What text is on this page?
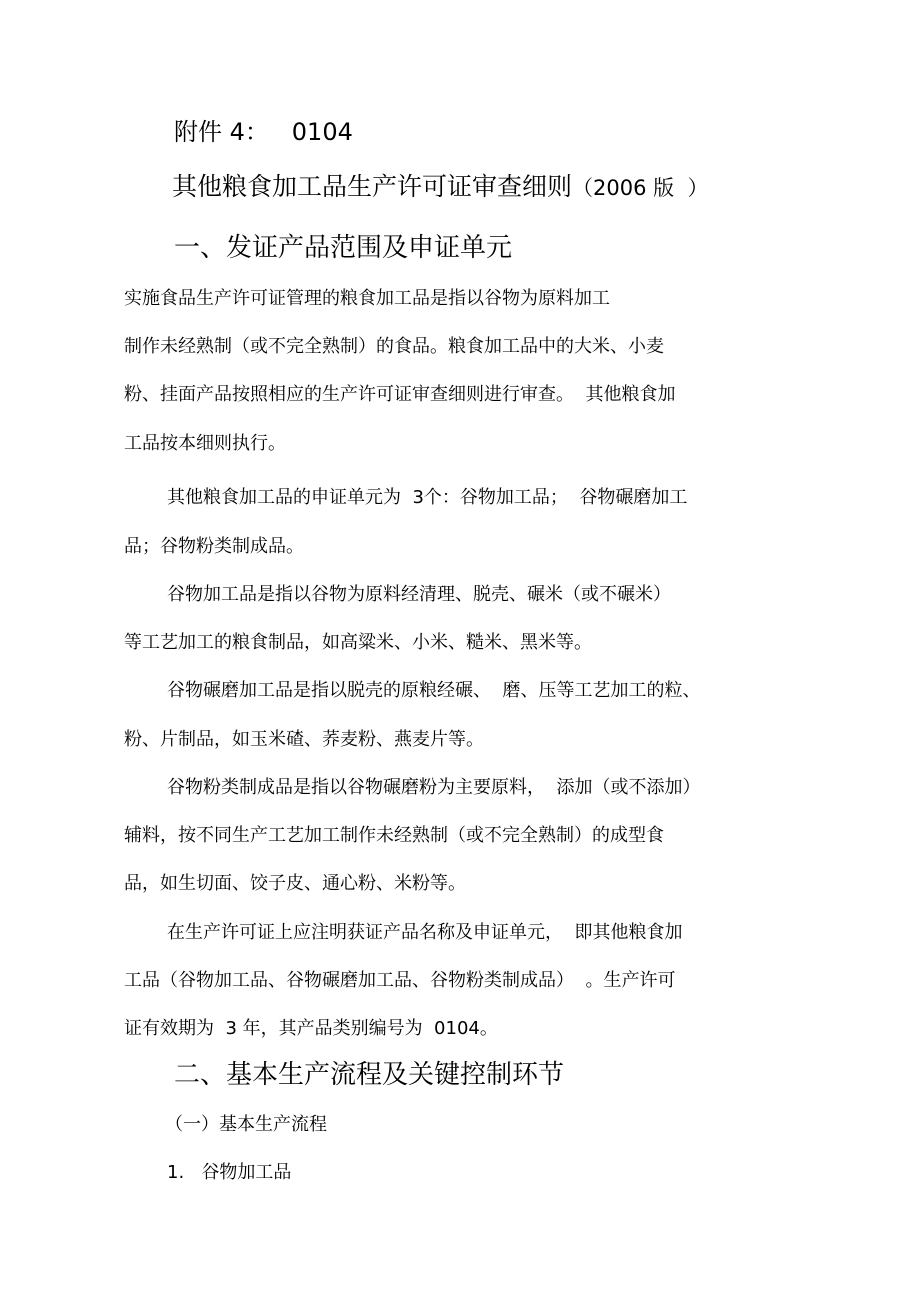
附件 4：   0104

其他粮食加工品生产许可证审查细则（2006 版  ）

一、发证产品范围及申证单元

实施食品生产许可证管理的粮食加工品是指以谷物为原料加工

制作未经熟制（或不完全熟制）的食品。粮食加工品中的大米、小麦

粉、挂面产品按照相应的生产许可证审查细则进行审查。  其他粮食加

工品按本细则执行。

其他粮食加工品的申证单元为  3个：谷物加工品；  谷物碾磨加工

品；谷物粉类制成品。

谷物加工品是指以谷物为原料经清理、脱壳、碾米（或不碾米）

等工艺加工的粮食制品，如高粱米、小米、糙米、黑米等。

谷物碾磨加工品是指以脱壳的原粮经碾、  磨、压等工艺加工的粒、

粉、片制品，如玉米碴、荞麦粉、燕麦片等。

谷物粉类制成品是指以谷物碾磨粉为主要原料，  添加（或不添加）

辅料，按不同生产工艺加工制作未经熟制（或不完全熟制）的成型食

品，如生切面、饺子皮、通心粉、米粉等。

在生产许可证上应注明获证产品名称及申证单元，  即其他粮食加

工品（谷物加工品、谷物碾磨加工品、谷物粉类制成品）  。生产许可

证有效期为  3 年，其产品类别编号为  0104。

二、基本生产流程及关键控制环节

（一）基本生产流程

1.   谷物加工品
